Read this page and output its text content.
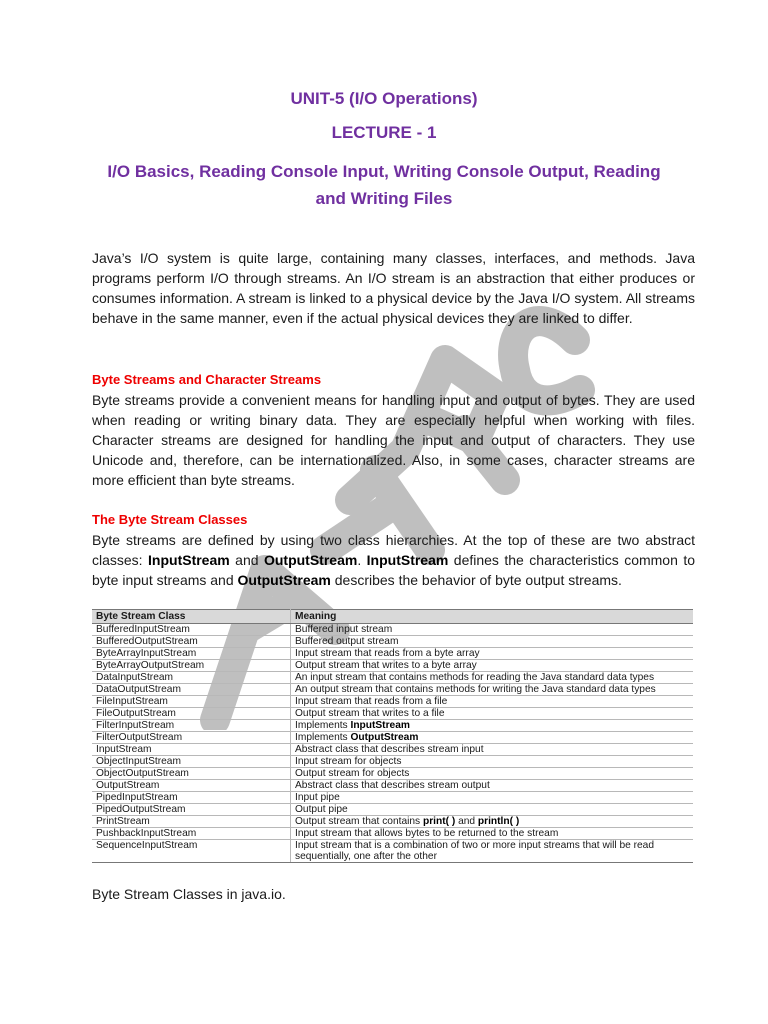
UNIT-5 (I/O Operations)
LECTURE - 1
I/O Basics, Reading Console Input, Writing Console Output, Reading
and Writing Files
Java’s I/O system is quite large, containing many classes, interfaces, and methods. Java programs perform I/O through streams. An I/O stream is an abstraction that either produces or consumes information. A stream is linked to a physical device by the Java I/O system. All streams behave in the same manner, even if the actual physical devices they are linked to differ.
Byte Streams and Character Streams
Byte streams provide a convenient means for handling input and output of bytes. They are used when reading or writing binary data. They are especially helpful when working with files. Character streams are designed for handling the input and output of characters. They use Unicode and, therefore, can be internationalized. Also, in some cases, character streams are more efficient than byte streams.
The Byte Stream Classes
Byte streams are defined by using two class hierarchies. At the top of these are two abstract classes: InputStream and OutputStream. InputStream defines the characteristics common to byte input streams and OutputStream describes the behavior of byte output streams.
Byte Stream Class	Meaning
BufferedInputStream	Buffered input stream
BufferedOutputStream	Buffered output stream
ByteArrayInputStream	Input stream that reads from a byte array
ByteArrayOutputStream	Output stream that writes to a byte array
DataInputStream	An input stream that contains methods for reading the Java standard data types
DataOutputStream	An output stream that contains methods for writing the Java standard data types
FileInputStream	Input stream that reads from a file
FileOutputStream	Output stream that writes to a file
FilterInputStream	Implements InputStream
FilterOutputStream	Implements OutputStream
InputStream	Abstract class that describes stream input
ObjectInputStream	Input stream for objects
ObjectOutputStream	Output stream for objects
OutputStream	Abstract class that describes stream output
PipedInputStream	Input pipe
PipedOutputStream	Output pipe
PrintStream	Output stream that contains print( ) and println( )
PushbackInputStream	Input stream that allows bytes to be returned to the stream
SequenceInputStream	Input stream that is a combination of two or more input streams that will be read sequentially, one after the other
Byte Stream Classes in java.io.
